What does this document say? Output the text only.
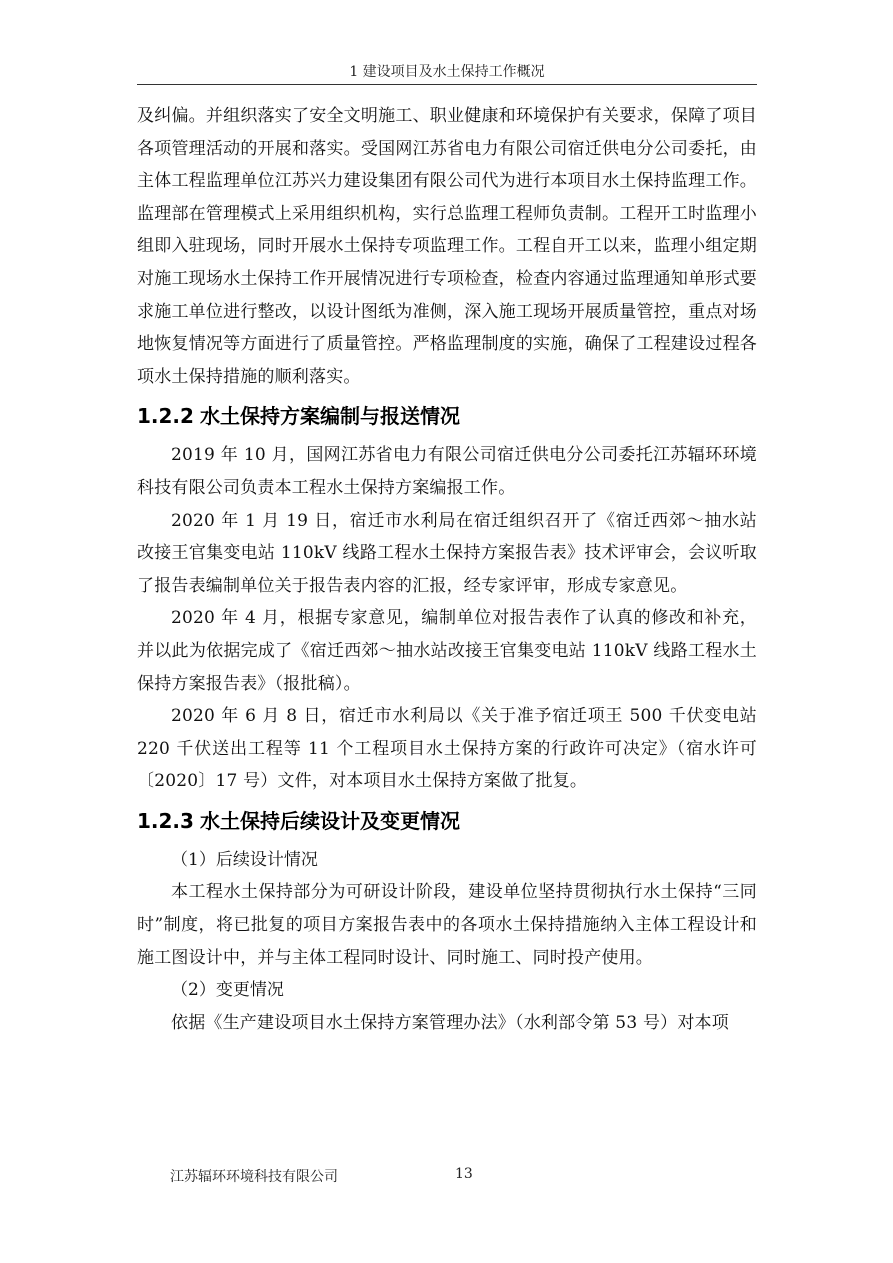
1 建设项目及水土保持工作概况

及纠偏。并组织落实了安全文明施工、职业健康和环境保护有关要求，保障了项目各项管理活动的开展和落实。受国网江苏省电力有限公司宿迁供电分公司委托，由主体工程监理单位江苏兴力建设集团有限公司代为进行本项目水土保持监理工作。监理部在管理模式上采用组织机构，实行总监理工程师负责制。工程开工时监理小组即入驻现场，同时开展水土保持专项监理工作。工程自开工以来，监理小组定期对施工现场水土保持工作开展情况进行专项检查，检查内容通过监理通知单形式要求施工单位进行整改，以设计图纸为准侧，深入施工现场开展质量管控，重点对场地恢复情况等方面进行了质量管控。严格监理制度的实施，确保了工程建设过程各项水土保持措施的顺利落实。

1.2.2 水土保持方案编制与报送情况

2019 年 10 月，国网江苏省电力有限公司宿迁供电分公司委托江苏辐环环境科技有限公司负责本工程水土保持方案编报工作。

2020 年 1 月 19 日，宿迁市水利局在宿迁组织召开了《宿迁西郊～抽水站改接王官集变电站 110kV 线路工程水土保持方案报告表》技术评审会，会议听取了报告表编制单位关于报告表内容的汇报，经专家评审，形成专家意见。

2020 年 4 月，根据专家意见，编制单位对报告表作了认真的修改和补充，并以此为依据完成了《宿迁西郊～抽水站改接王官集变电站 110kV 线路工程水土保持方案报告表》（报批稿）。

2020 年 6 月 8 日，宿迁市水利局以《关于准予宿迁项王 500 千伏变电站 220 千伏送出工程等 11 个工程项目水土保持方案的行政许可决定》（宿水许可〔2020〕17 号）文件，对本项目水土保持方案做了批复。

1.2.3 水土保持后续设计及变更情况

（1）后续设计情况

本工程水土保持部分为可研设计阶段，建设单位坚持贯彻执行水土保持“三同时”制度，将已批复的项目方案报告表中的各项水土保持措施纳入主体工程设计和施工图设计中，并与主体工程同时设计、同时施工、同时投产使用。

（2）变更情况

依据《生产建设项目水土保持方案管理办法》（水利部令第 53 号）对本项

江苏辐环环境科技有限公司	13
